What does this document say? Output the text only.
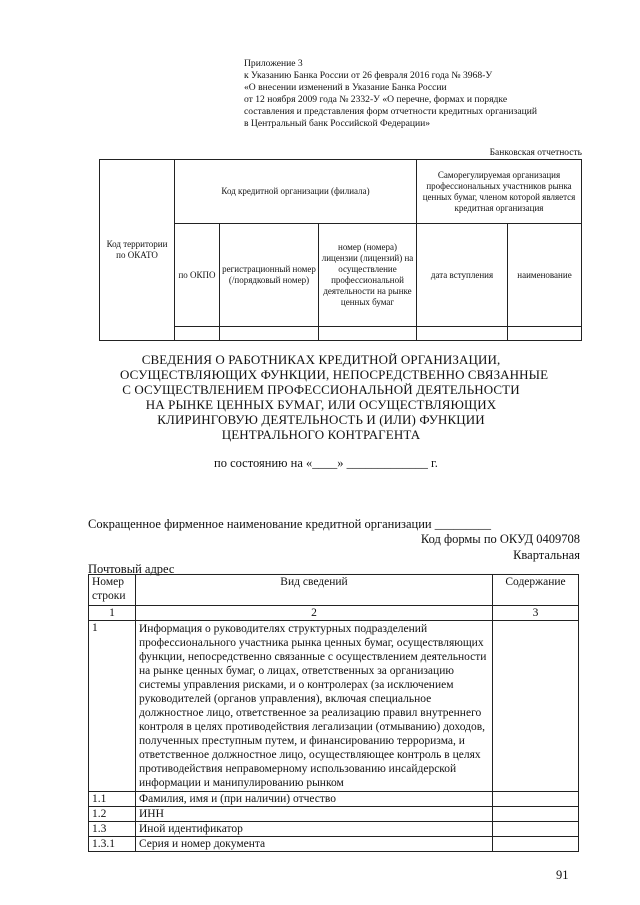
Приложение 3
к Указанию Банка России от 26 февраля 2016 года № 3968-У
«О внесении изменений в Указание Банка России
от 12 ноября 2009 года № 2332-У «О перечне, формах и порядке
составления и представления форм отчетности кредитных организаций
в Центральный банк Российской Федерации»
Банковская отчетность
Код территории по ОКАТО	Код кредитной организации (филиала)			Саморегулируемая организация профессиональных участников рынка ценных бумаг, членом которой является кредитная организация	
	по ОКПО	регистрационный номер (/порядковый номер)	номер (номера) лицензии (лицензий) на осуществление профессиональной деятельности на рынке ценных бумаг	дата вступления	наименование

СВЕДЕНИЯ О РАБОТНИКАХ КРЕДИТНОЙ ОРГАНИЗАЦИИ,
ОСУЩЕСТВЛЯЮЩИХ ФУНКЦИИ, НЕПОСРЕДСТВЕННО СВЯЗАННЫЕ
С ОСУЩЕСТВЛЕНИЕМ ПРОФЕССИОНАЛЬНОЙ ДЕЯТЕЛЬНОСТИ
НА РЫНКЕ ЦЕННЫХ БУМАГ, ИЛИ ОСУЩЕСТВЛЯЮЩИХ
КЛИРИНГОВУЮ ДЕЯТЕЛЬНОСТЬ И (ИЛИ) ФУНКЦИИ
ЦЕНТРАЛЬНОГО КОНТРАГЕНТА
по состоянию на «____» _____________ г.

Сокращенное фирменное наименование кредитной организации _________

Почтовый адрес ______________________________________________________

Код формы по ОКУД 0409708
Квартальная
Номер строки	Вид сведений	Содержание
1	2	3
1	Информация о руководителях структурных подразделений профессионального участника рынка ценных бумаг, осуществляющих функции, непосредственно связанные с осуществлением деятельности на рынке ценных бумаг, о лицах, ответственных за организацию системы управления рисками, и о контролерах (за исключением руководителей (органов управления), включая специальное должностное лицо, ответственное за реализацию правил внутреннего контроля в целях противодействия легализации (отмыванию) доходов, полученных преступным путем, и финансированию терроризма, и ответственное должностное лицо, осуществляющее контроль в целях противодействия неправомерному использованию инсайдерской информации и манипулированию рынком	
1.1	Фамилия, имя и (при наличии) отчество	
1.2	ИНН	
1.3	Иной идентификатор	
1.3.1	Серия и номер документа	
91
